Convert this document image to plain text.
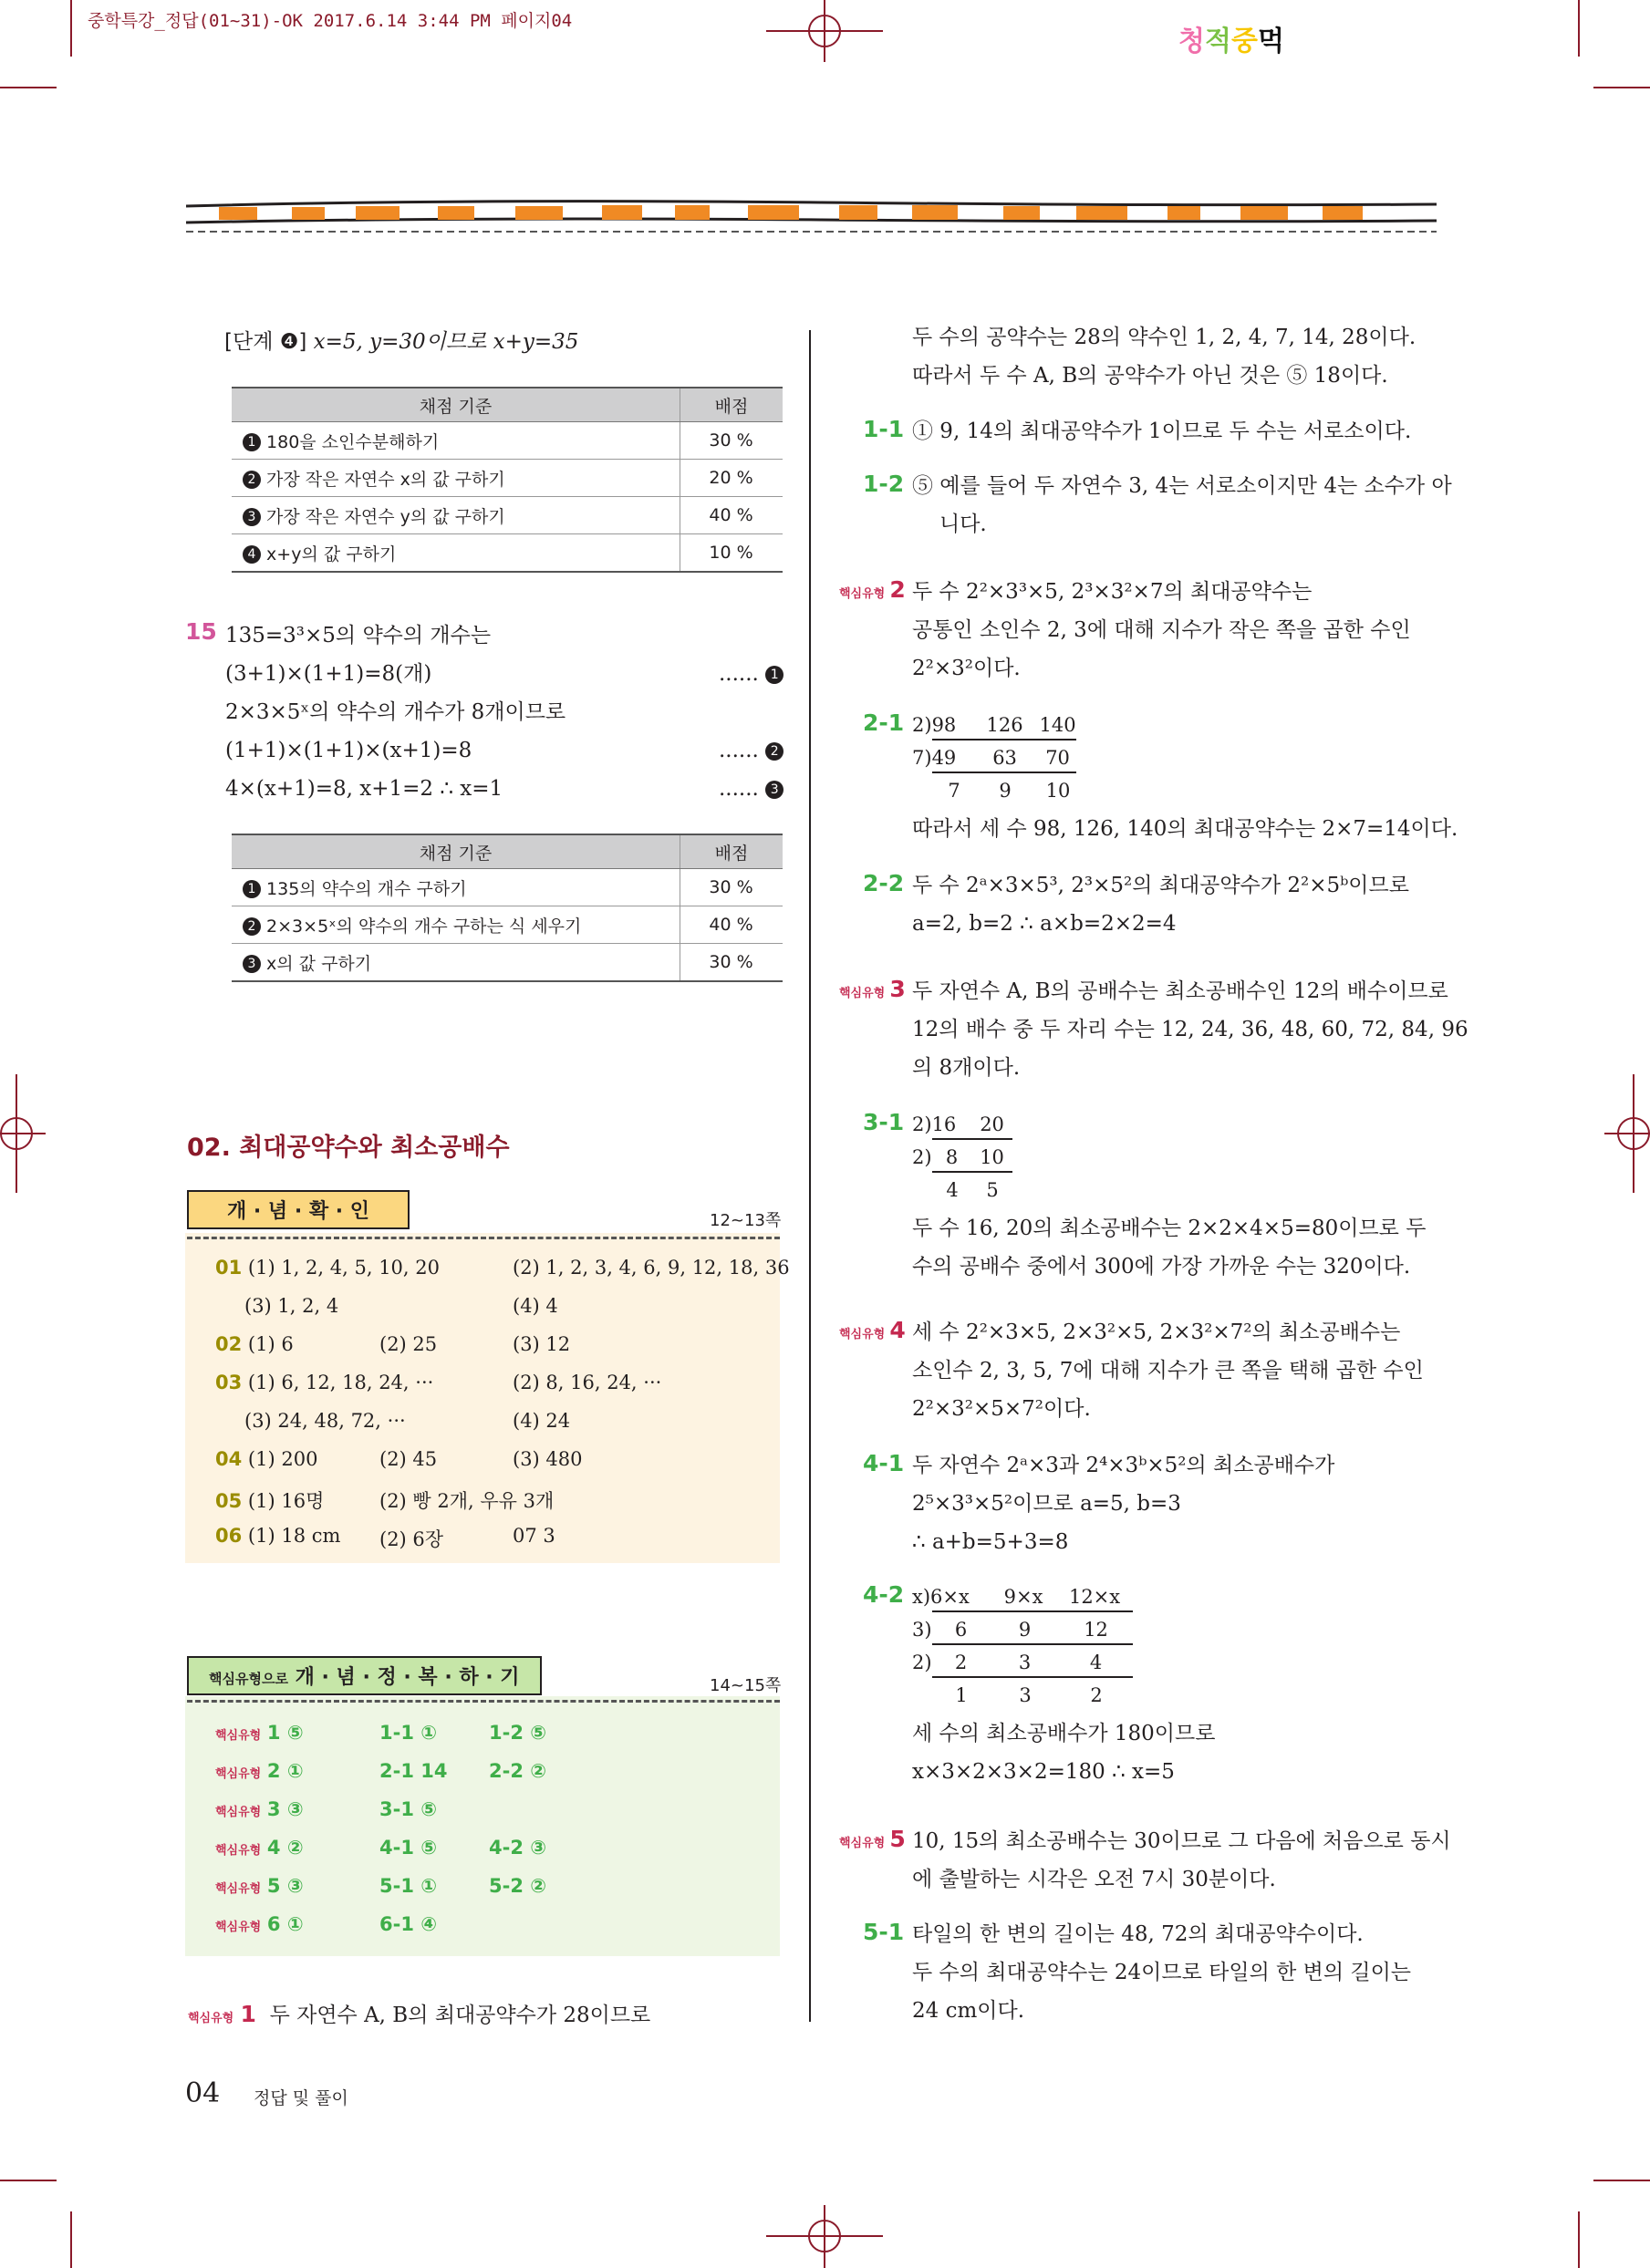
중학특강_정답(01~31)-OK 2017.6.14 3:44 PM 페이지04
청적중먹
[단계 ❹] x=5, y=30이므로 x+y=35
채점 기준	배점
1 180을 소인수분해하기	30 %
2 가장 작은 자연수 x의 값 구하기	20 %
3 가장 작은 자연수 y의 값 구하기	40 %
4 x+y의 값 구하기	10 %
15 135=3³×5의 약수의 개수는
(3+1)×(1+1)=8(개)
2×3×5ˣ의 약수의 개수가 8개이므로
(1+1)×(1+1)×(x+1)=8
4×(x+1)=8, x+1=2 ∴ x=1
...... 1
...... 2
...... 3
채점 기준	배점
1 135의 약수의 개수 구하기	30 %
2 2×3×5ˣ의 약수의 개수 구하는 식 세우기	40 %
3 x의 값 구하기	30 %
02. 최대공약수와 최소공배수
개 · 념 · 확 · 인	12~13쪽
01 (1) 1, 2, 4, 5, 10, 20	(2) 1, 2, 3, 4, 6, 9, 12, 18, 36
(3) 1, 2, 4	(4) 4
02 (1) 6	(2) 25	(3) 12
03 (1) 6, 12, 18, 24, ···	(2) 8, 16, 24, ···
(3) 24, 48, 72, ···	(4) 24
04 (1) 200	(2) 45	(3) 480
05 (1) 16명	(2) 빵 2개, 우유 3개
06 (1) 18 cm (2) 6장	07 3
핵심유형으로 개 · 념 · 정 · 복 · 하 · 기	14~15쪽
핵심유형 1 ⑤	1-1 ①	1-2 ⑤
핵심유형 2 ①	2-1 14 2-2 ②
핵심유형 3 ③	3-1 ⑤
핵심유형 4 ②	4-1 ⑤	4-2 ③
핵심유형 5 ③	5-1 ①	5-2 ②
핵심유형 6 ①	6-1 ④
핵심유형 1 두 자연수 A, B의 최대공약수가 28이므로
두 수의 공약수는 28의 약수인 1, 2, 4, 7, 14, 28이다.
따라서 두 수 A, B의 공약수가 아닌 것은 ⑤ 18이다.
1-1 ① 9, 14의 최대공약수가 1이므로 두 수는 서로소이다.
1-2 ⑤ 예를 들어 두 자연수 3, 4는 서로소이지만 4는 소수가 아
니다.
핵심유형 2 두 수 2²×3³×5, 2³×3²×7의 최대공약수는
공통인 소인수 2, 3에 대해 지수가 작은 쪽을 곱한 수인
2²×3²이다.
2-1 2)98 126 140
7)49 63 70
7 9 10
따라서 세 수 98, 126, 140의 최대공약수는 2×7=14이다.
2-2 두 수 2ᵃ×3×5³, 2³×5²의 최대공약수가 2²×5ᵇ이므로
a=2, b=2 ∴ a×b=2×2=4
핵심유형 3 두 자연수 A, B의 공배수는 최소공배수인 12의 배수이므로
12의 배수 중 두 자리 수는 12, 24, 36, 48, 60, 72, 84, 96
의 8개이다.
3-1 2)16 20
2) 8 10
4 5
두 수 16, 20의 최소공배수는 2×2×4×5=80이므로 두
수의 공배수 중에서 300에 가장 가까운 수는 320이다.
핵심유형 4 세 수 2²×3×5, 2×3²×5, 2×3²×7²의 최소공배수는
소인수 2, 3, 5, 7에 대해 지수가 큰 쪽을 택해 곱한 수인
2²×3²×5×7²이다.
4-1 두 자연수 2ᵃ×3과 2⁴×3ᵇ×5²의 최소공배수가
2⁵×3³×5²이므로 a=5, b=3
∴ a+b=5+3=8
4-2 x)6×x 9×x 12×x
3) 6	9	12
2) 2	3	4
1	3	2
세 수의 최소공배수가 180이므로
x×3×2×3×2=180 ∴ x=5
핵심유형 5 10, 15의 최소공배수는 30이므로 그 다음에 처음으로 동시
에 출발하는 시각은 오전 7시 30분이다.
5-1 타일의 한 변의 길이는 48, 72의 최대공약수이다.
두 수의 최대공약수는 24이므로 타일의 한 변의 길이는
24 cm이다.
04 정답 및 풀이
